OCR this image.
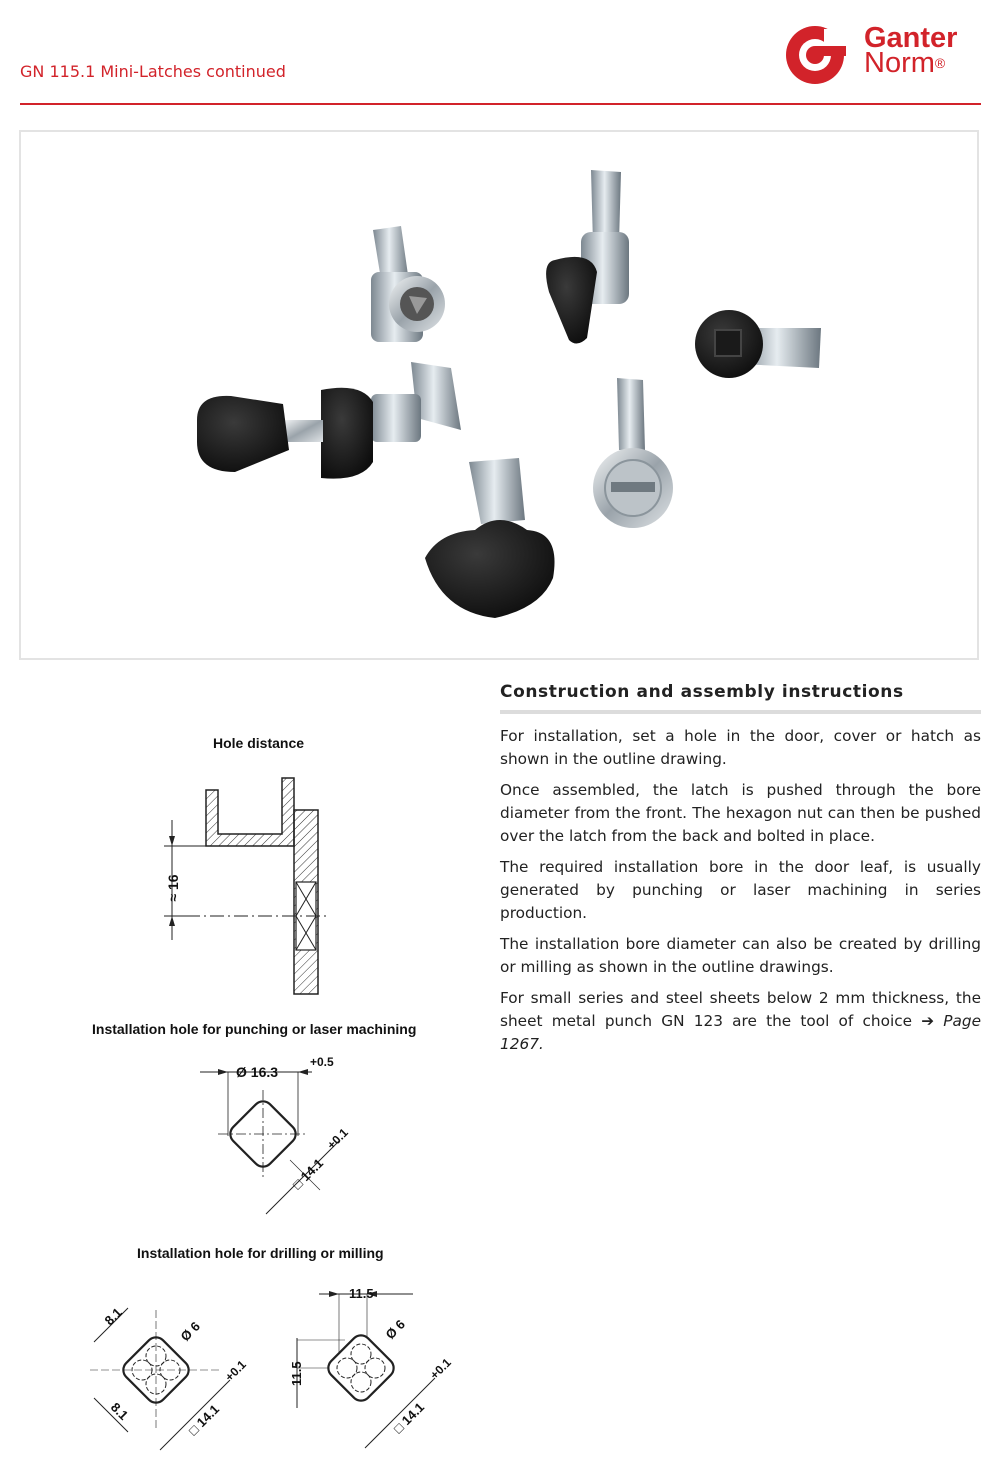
GN 115.1 Mini-Latches continued
Ganter
Norm®
Construction and assembly instructions

For installation, set a hole in the door, cover or hatch as shown in the outline drawing.

Once assembled, the latch is pushed through the bore diameter from the front. The hexagon nut can then be pushed over the latch from the back and bolted in place.

The required installation bore in the door leaf, is usually generated by punching or laser machining in series production.

The installation bore diameter can also be created by drilling or milling as shown in the outline drawings.

For small series and steel sheets below 2 mm thickness, the sheet metal punch GN 123 are the tool of choice ➔ Page 1267.

Hole distance
≈ 16
Installation hole for punching or laser machining
Ø 16.3
+0.5
□ 14.1
+0.1
Installation hole for drilling or milling
8.1
8.1
Ø 6
□ 14.1
+0.1
11.5
11.5
Ø 6
□ 14.1
+0.1
